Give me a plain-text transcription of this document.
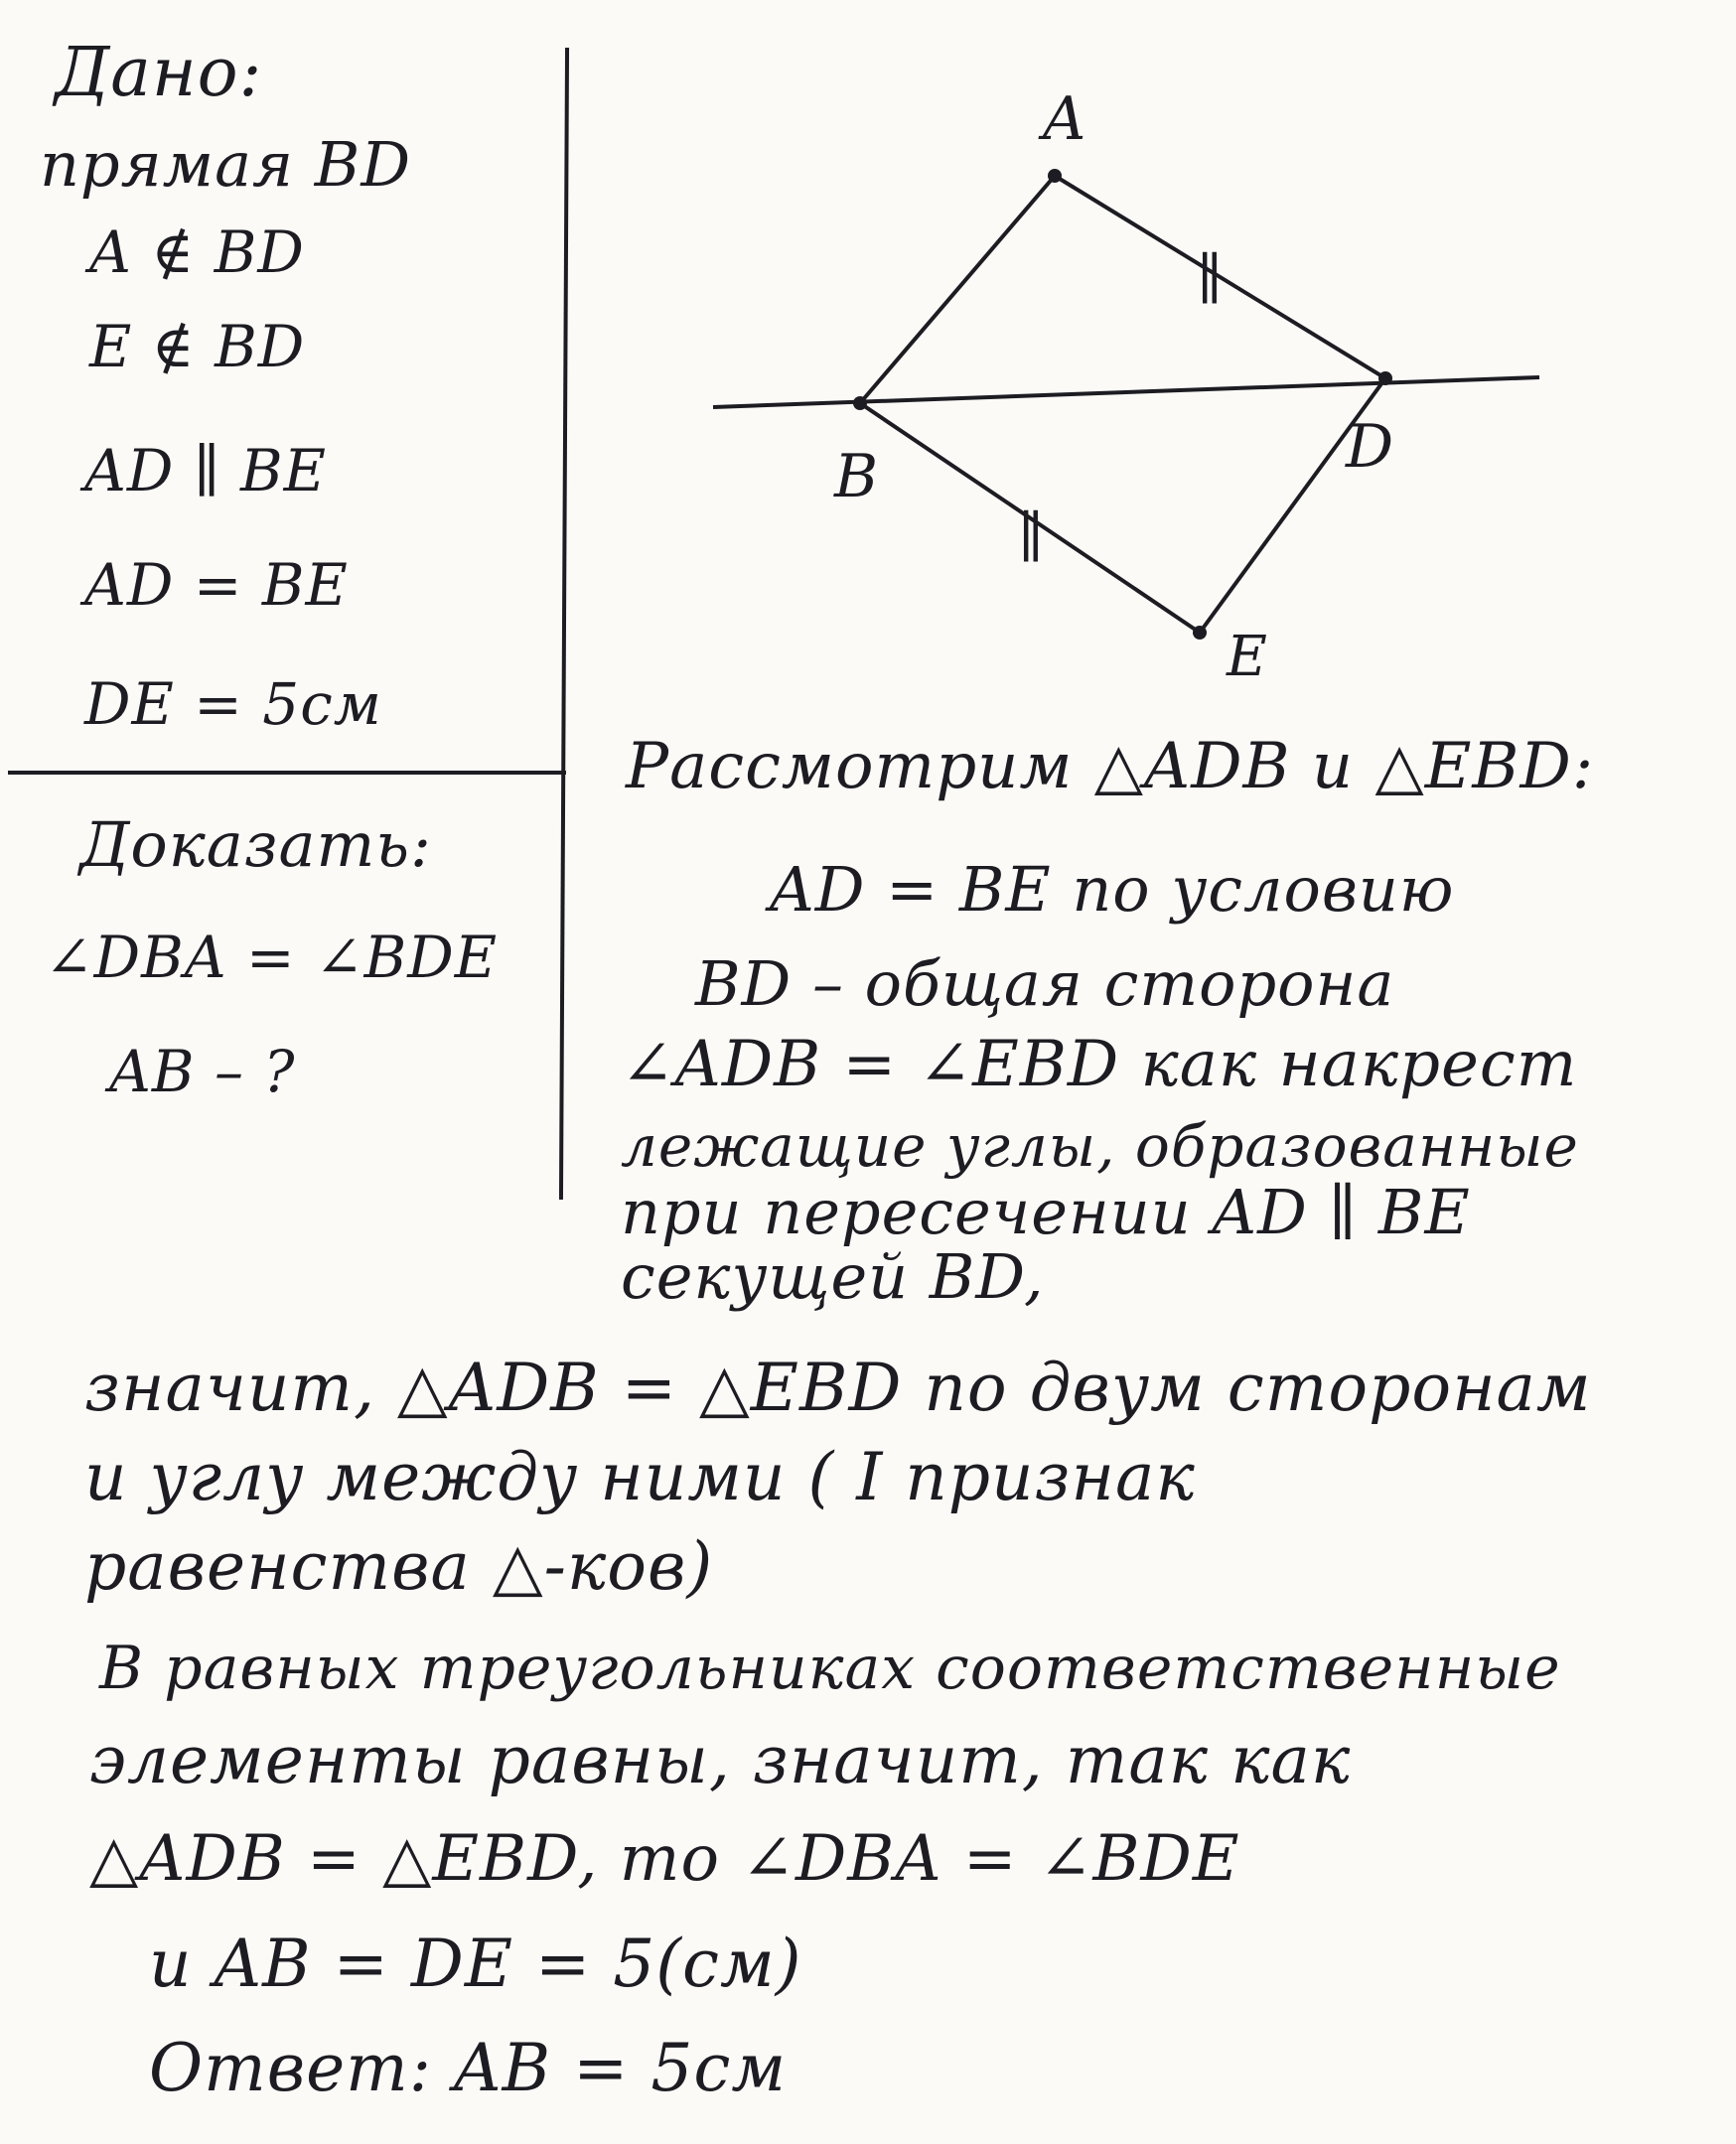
Дано:
прямая BD
A ∉ BD
E ∉ BD
AD ∥ BE
AD = BE
DE = 5см
Доказать:
∠DBA = ∠BDE
AB – ?
A
B	D
E
∥
∥
Рассмотрим △ADB и △EBD:
AD = BE по условию
BD – общая сторона
∠ADB = ∠EBD как накрест
лежащие углы, образованные
при пересечении AD ∥ BE
секущей BD,
значит, △ADB = △EBD по двум сторонам
и углу между ними ( I признак
равенства △-ков)
В равных треугольниках соответственные
элементы равны, значит, так как
△ADB = △EBD, то ∠DBA = ∠BDE
и AB = DE = 5(см)
Ответ: AB = 5см
